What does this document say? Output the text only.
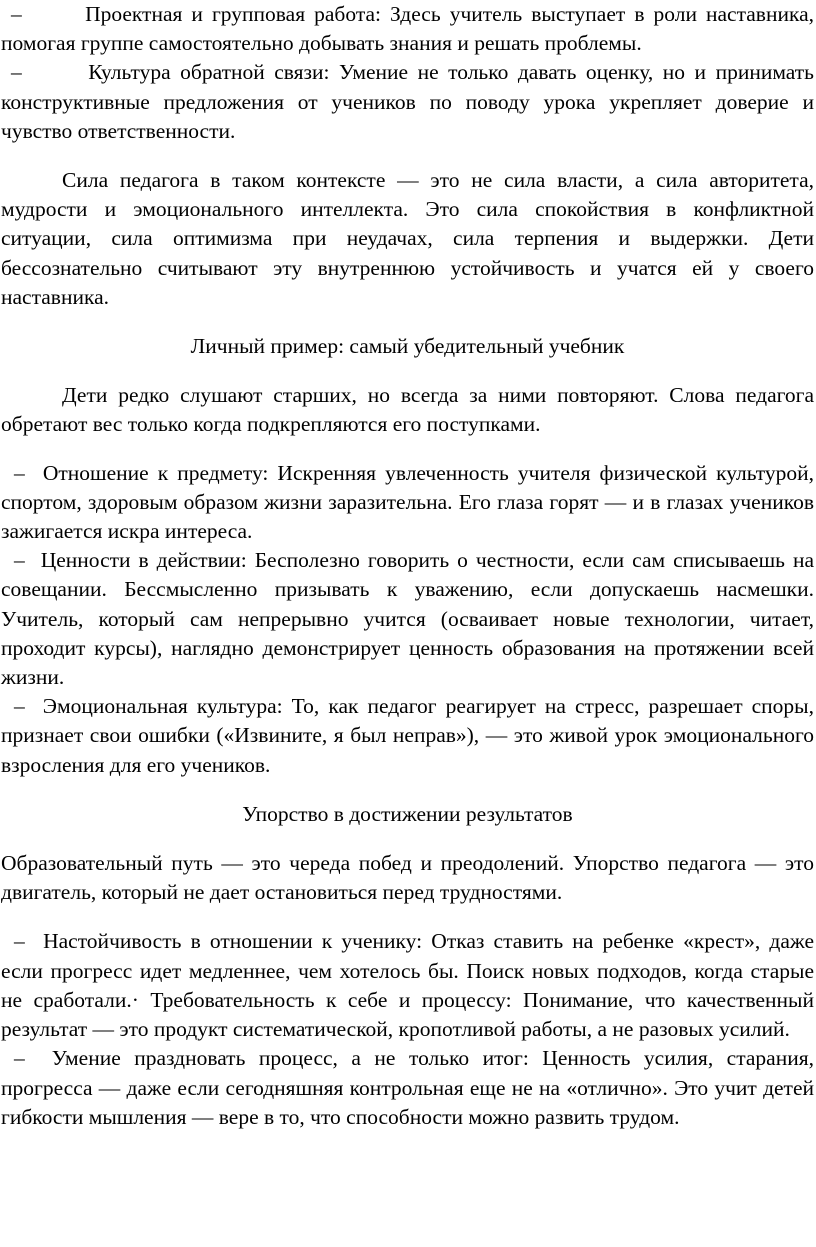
–       Проектная и групповая работа: Здесь учитель выступает в роли наставника, помогая группе самостоятельно добывать знания и решать проблемы.

–       Культура обратной связи: Умение не только давать оценку, но и принимать конструктивные предложения от учеников по поводу урока укрепляет доверие и чувство ответственности.

Сила педагога в таком контексте — это не сила власти, а сила авторитета, мудрости и эмоционального интеллекта. Это сила спокойствия в конфликтной ситуации, сила оптимизма при неудачах, сила терпения и выдержки. Дети бессознательно считывают эту внутреннюю устойчивость и учатся ей у своего наставника.

Личный пример: самый убедительный учебник

Дети редко слушают старших, но всегда за ними повторяют. Слова педагога обретают вес только когда подкрепляются его поступками.

–  Отношение к предмету: Искренняя увлеченность учителя физической культурой, спортом, здоровым образом жизни заразительна. Его глаза горят — и в глазах учеников зажигается искра интереса.

–  Ценности в действии: Бесполезно говорить о честности, если сам списываешь на совещании. Бессмысленно призывать к уважению, если допускаешь насмешки. Учитель, который сам непрерывно учится (осваивает новые технологии, читает, проходит курсы), наглядно демонстрирует ценность образования на протяжении всей жизни.

–  Эмоциональная культура: То, как педагог реагирует на стресс, разрешает споры, признает свои ошибки («Извините, я был неправ»), — это живой урок эмоционального взросления для его учеников.

Упорство в достижении результатов

Образовательный путь — это череда побед и преодолений. Упорство педагога — это двигатель, который не дает остановиться перед трудностями.

–  Настойчивость в отношении к ученику: Отказ ставить на ребенке «крест», даже если прогресс идет медленнее, чем хотелось бы. Поиск новых подходов, когда старые не сработали.· Требовательность к себе и процессу: Понимание, что качественный результат — это продукт систематической, кропотливой работы, а не разовых усилий.

–  Умение праздновать процесс, а не только итог: Ценность усилия, старания, прогресса — даже если сегодняшняя контрольная еще не на «отлично». Это учит детей гибкости мышления — вере в то, что способности можно развить трудом.
